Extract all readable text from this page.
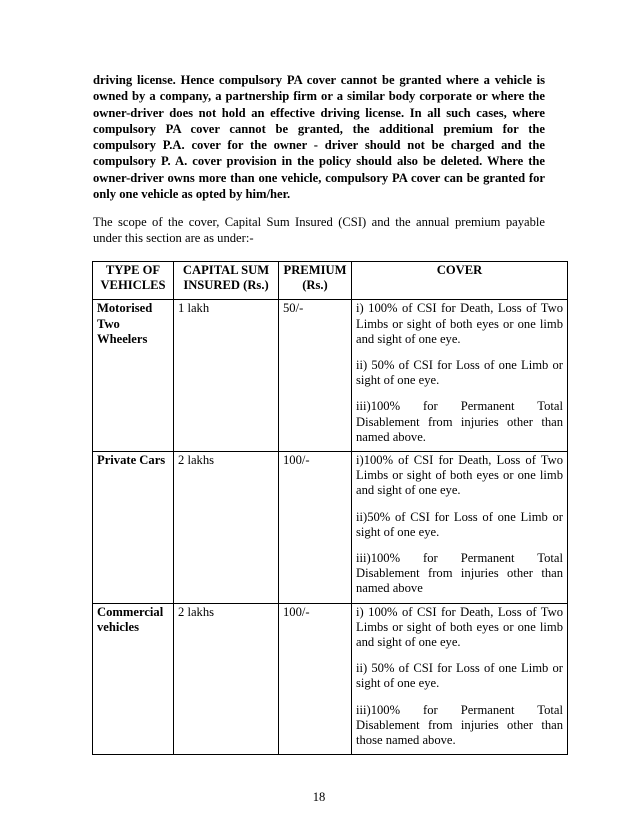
driving license. Hence compulsory PA cover cannot be granted where a vehicle is owned by a company, a partnership firm or a similar body corporate or where the owner-driver does not hold an effective driving license. In all such cases, where compulsory PA cover cannot be granted, the additional premium for the compulsory P.A. cover for the owner - driver should not be charged and the compulsory P. A. cover provision in the policy should also be deleted. Where the owner-driver owns more than one vehicle, compulsory PA cover can be granted for only one vehicle as opted by him/her.

The scope of the cover, Capital Sum Insured (CSI) and the annual premium payable under this section are as under:-

TYPE OF VEHICLES	CAPITAL SUM INSURED (Rs.)	PREMIUM (Rs.)	COVER
Motorised Two Wheelers	1 lakh	50/-	i) 100% of CSI for Death, Loss of Two Limbs or sight of both eyes or one limb and sight of one eye.

ii) 50% of CSI for Loss of one Limb or sight of one eye.

iii)100% for Permanent Total Disablement from injuries other than named above.

Private Cars	2 lakhs	100/-	i)100% of CSI for Death, Loss of Two Limbs or sight of both eyes or one limb and sight of one eye.

ii)50% of CSI for Loss of one Limb or sight of one eye.

iii)100% for Permanent Total Disablement from injuries other than named above

Commercial vehicles	2 lakhs	100/-	i) 100% of CSI for Death, Loss of Two Limbs or sight of both eyes or one limb and sight of one eye.

ii) 50% of CSI for Loss of one Limb or sight of one eye.

iii)100% for Permanent Total Disablement from injuries other than those named above.

18
